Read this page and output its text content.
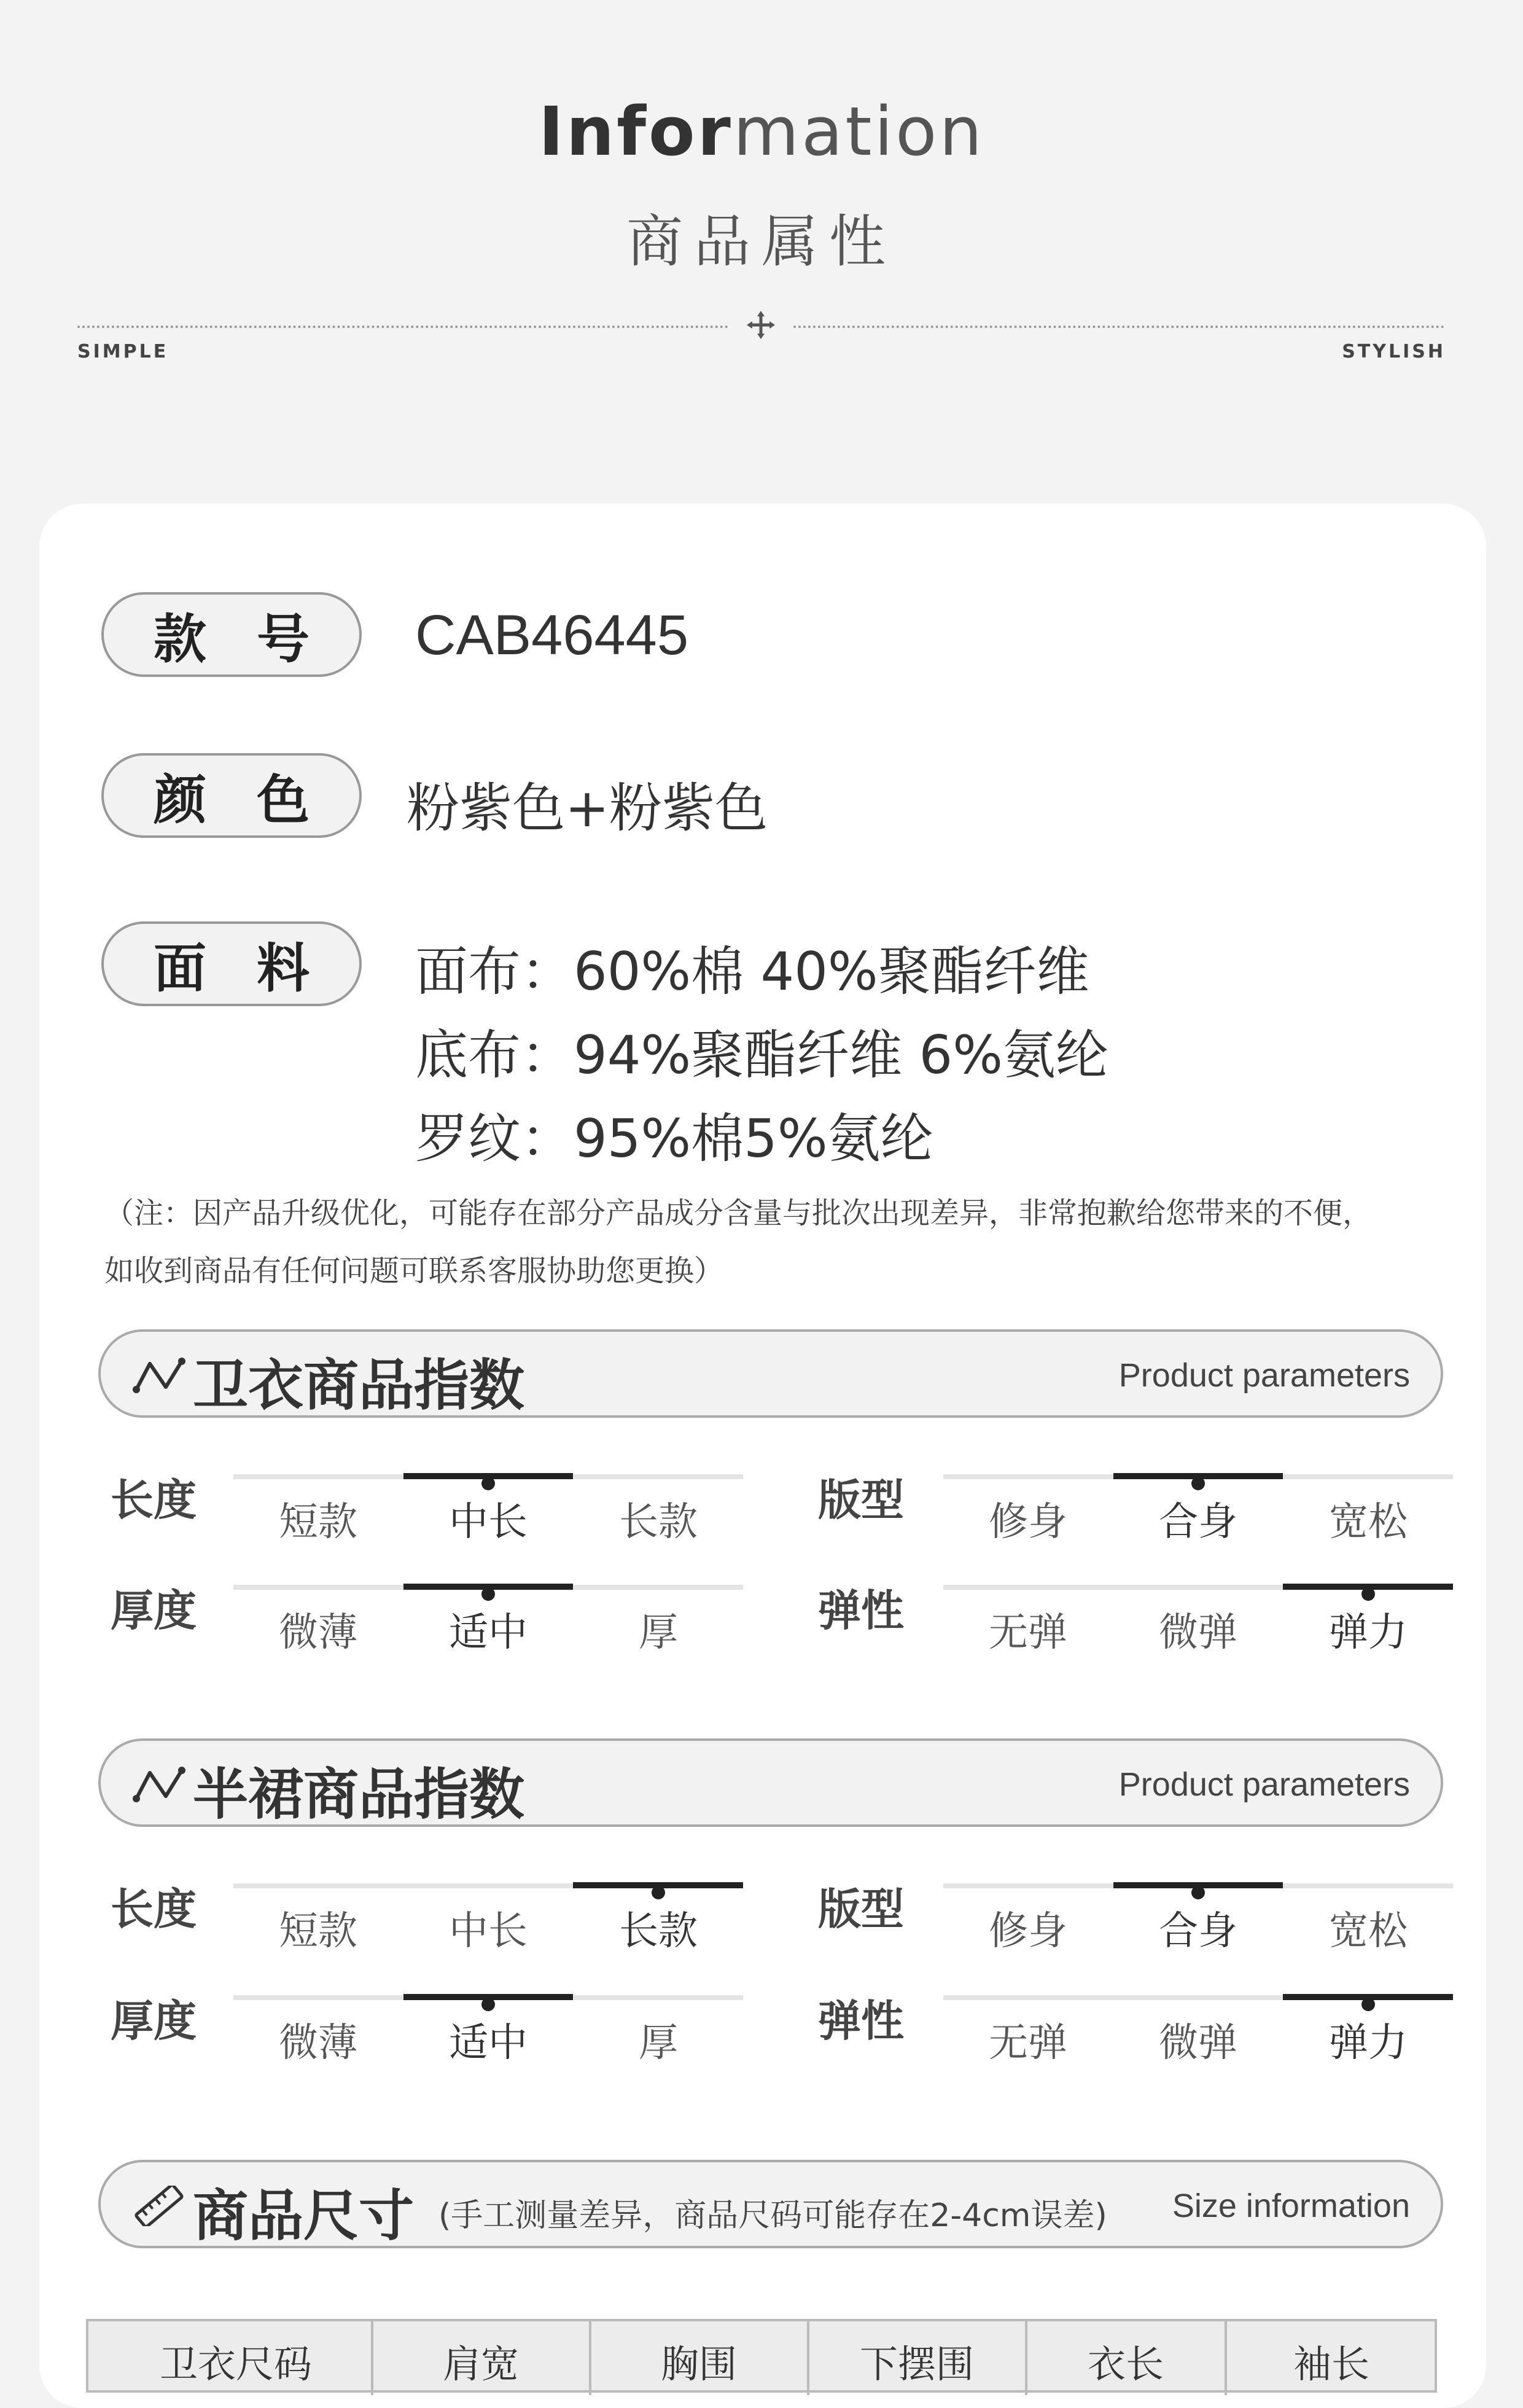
Information
商品属性
SIMPLE	STYLISH
款 号	CAB46445
颜 色	粉紫色+粉紫色
面 料	面布：60%棉 40%聚酯纤维
底布：94%聚酯纤维 6%氨纶
罗纹：95%棉5%氨纶
（注：因产品升级优化，可能存在部分产品成分含量与批次出现差异，非常抱歉给您带来的不便，
如收到商品有任何问题可联系客服协助您更换）
卫衣商品指数	Product parameters
长度	短款	中长	长款	版型	修身	合身	宽松
厚度	微薄	适中	厚	弹性	无弹	微弹	弹力
半裙商品指数	Product parameters
长度	短款	中长	长款	版型	修身	合身	宽松
厚度	微薄	适中	厚	弹性	无弹	微弹	弹力
商品尺寸 (手工测量差异，商品尺码可能存在2-4cm误差) Size information
卫衣尺码	肩宽	胸围	下摆围	衣长	袖长
